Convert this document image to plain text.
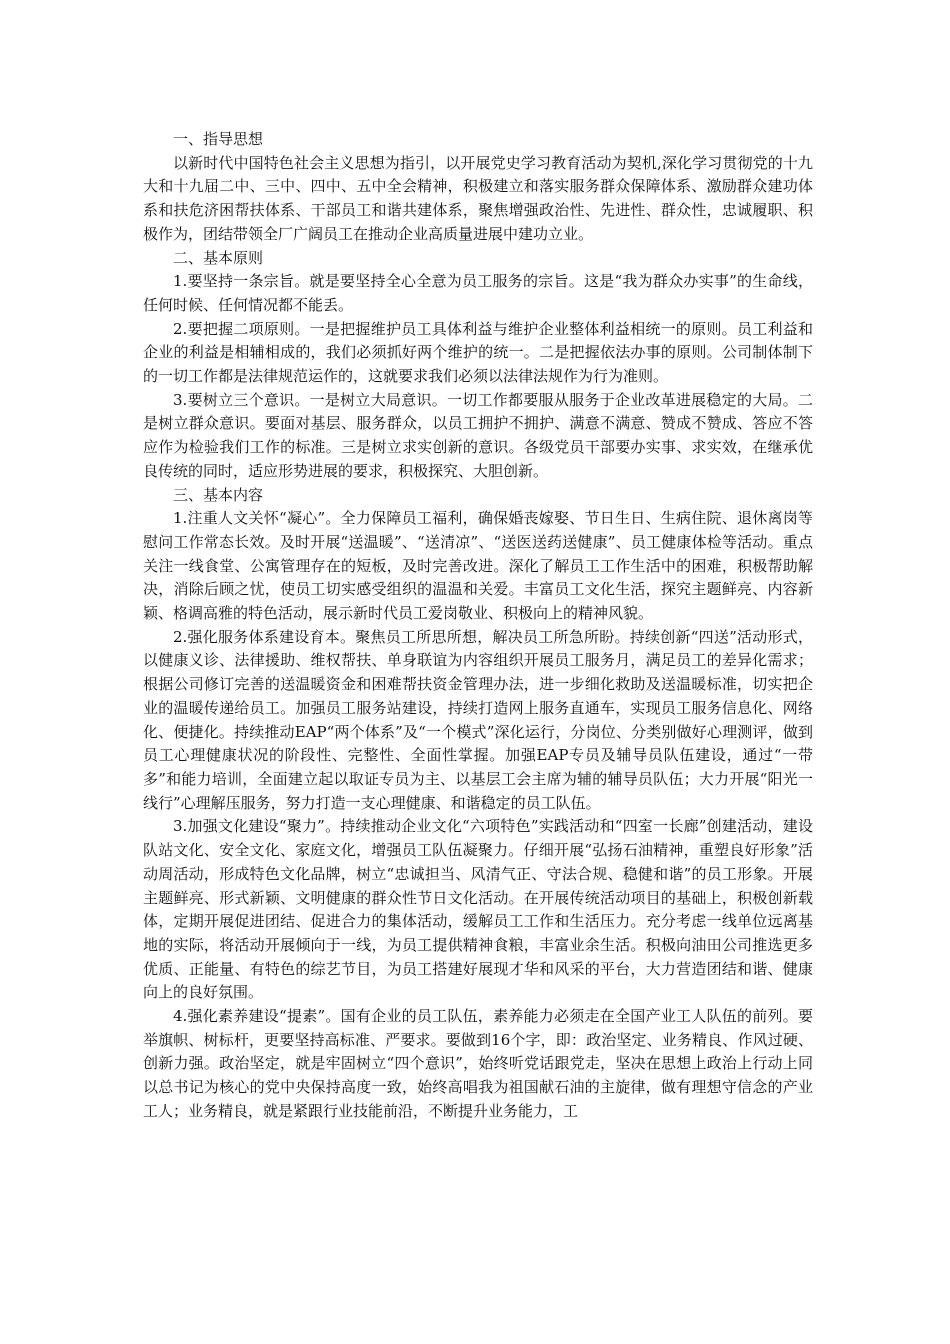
一、指导思想

以新时代中国特色社会主义思想为指引，以开展党史学习教育活动为契机,深化学习贯彻党的十九大和十九届二中、三中、四中、五中全会精神，积极建立和落实服务群众保障体系、激励群众建功体系和扶危济困帮扶体系、干部员工和谐共建体系，聚焦增强政治性、先进性、群众性，忠诚履职、积极作为，团结带领全厂广阔员工在推动企业高质量进展中建功立业。

二、基本原则

1.要坚持一条宗旨。就是要坚持全心全意为员工服务的宗旨。这是“我为群众办实事”的生命线，任何时候、任何情况都不能丢。

2.要把握二项原则。一是把握维护员工具体利益与维护企业整体利益相统一的原则。员工利益和企业的利益是相辅相成的，我们必须抓好两个维护的统一。二是把握依法办事的原则。公司制体制下的一切工作都是法律规范运作的，这就要求我们必须以法律法规作为行为准则。

3.要树立三个意识。一是树立大局意识。一切工作都要服从服务于企业改革进展稳定的大局。二是树立群众意识。要面对基层、服务群众，以员工拥护不拥护、满意不满意、赞成不赞成、答应不答应作为检验我们工作的标准。三是树立求实创新的意识。各级党员干部要办实事、求实效，在继承优良传统的同时，适应形势进展的要求，积极探究、大胆创新。

三、基本内容

1.注重人文关怀“凝心”。全力保障员工福利，确保婚丧嫁娶、节日生日、生病住院、退休离岗等慰问工作常态长效。及时开展“送温暖”、“送清凉”、“送医送药送健康”、员工健康体检等活动。重点关注一线食堂、公寓管理存在的短板，及时完善改进。深化了解员工工作生活中的困难，积极帮助解决，消除后顾之忧，使员工切实感受组织的温温和关爱。丰富员工文化生活，探究主题鲜亮、内容新颖、格调高雅的特色活动，展示新时代员工爱岗敬业、积极向上的精神风貌。

2.强化服务体系建设育本。聚焦员工所思所想，解决员工所急所盼。持续创新“四送”活动形式，以健康义诊、法律援助、维权帮扶、单身联谊为内容组织开展员工服务月，满足员工的差异化需求；根据公司修订完善的送温暖资金和困难帮扶资金管理办法，进一步细化救助及送温暖标准，切实把企业的温暖传递给员工。加强员工服务站建设，持续打造网上服务直通车，实现员工服务信息化、网络化、便捷化。持续推动EAP“两个体系”及“一个模式”深化运行，分岗位、分类别做好心理测评，做到员工心理健康状况的阶段性、完整性、全面性掌握。加强EAP专员及辅导员队伍建设，通过“一带多”和能力培训，全面建立起以取证专员为主、以基层工会主席为辅的辅导员队伍；大力开展“阳光一线行”心理解压服务，努力打造一支心理健康、和谐稳定的员工队伍。

3.加强文化建设“聚力”。持续推动企业文化“六项特色”实践活动和“四室一长廊”创建活动，建设队站文化、安全文化、家庭文化，增强员工队伍凝聚力。仔细开展“弘扬石油精神，重塑良好形象”活动周活动，形成特色文化品牌，树立“忠诚担当、风清气正、守法合规、稳健和谐”的员工形象。开展主题鲜亮、形式新颖、文明健康的群众性节日文化活动。在开展传统活动项目的基础上，积极创新载体，定期开展促进团结、促进合力的集体活动，缓解员工工作和生活压力。充分考虑一线单位远离基地的实际，将活动开展倾向于一线，为员工提供精神食粮，丰富业余生活。积极向油田公司推选更多优质、正能量、有特色的综艺节目，为员工搭建好展现才华和风采的平台，大力营造团结和谐、健康向上的良好氛围。

4.强化素养建设“提素”。国有企业的员工队伍，素养能力必须走在全国产业工人队伍的前列。要举旗帜、树标杆，更要坚持高标准、严要求。要做到16个字，即：政治坚定、业务精良、作风过硬、创新力强。政治坚定，就是牢固树立“四个意识”，始终听党话跟党走，坚决在思想上政治上行动上同以总书记为核心的党中央保持高度一致，始终高唱我为祖国献石油的主旋律，做有理想守信念的产业工人；业务精良，就是紧跟行业技能前沿，不断提升业务能力，工
